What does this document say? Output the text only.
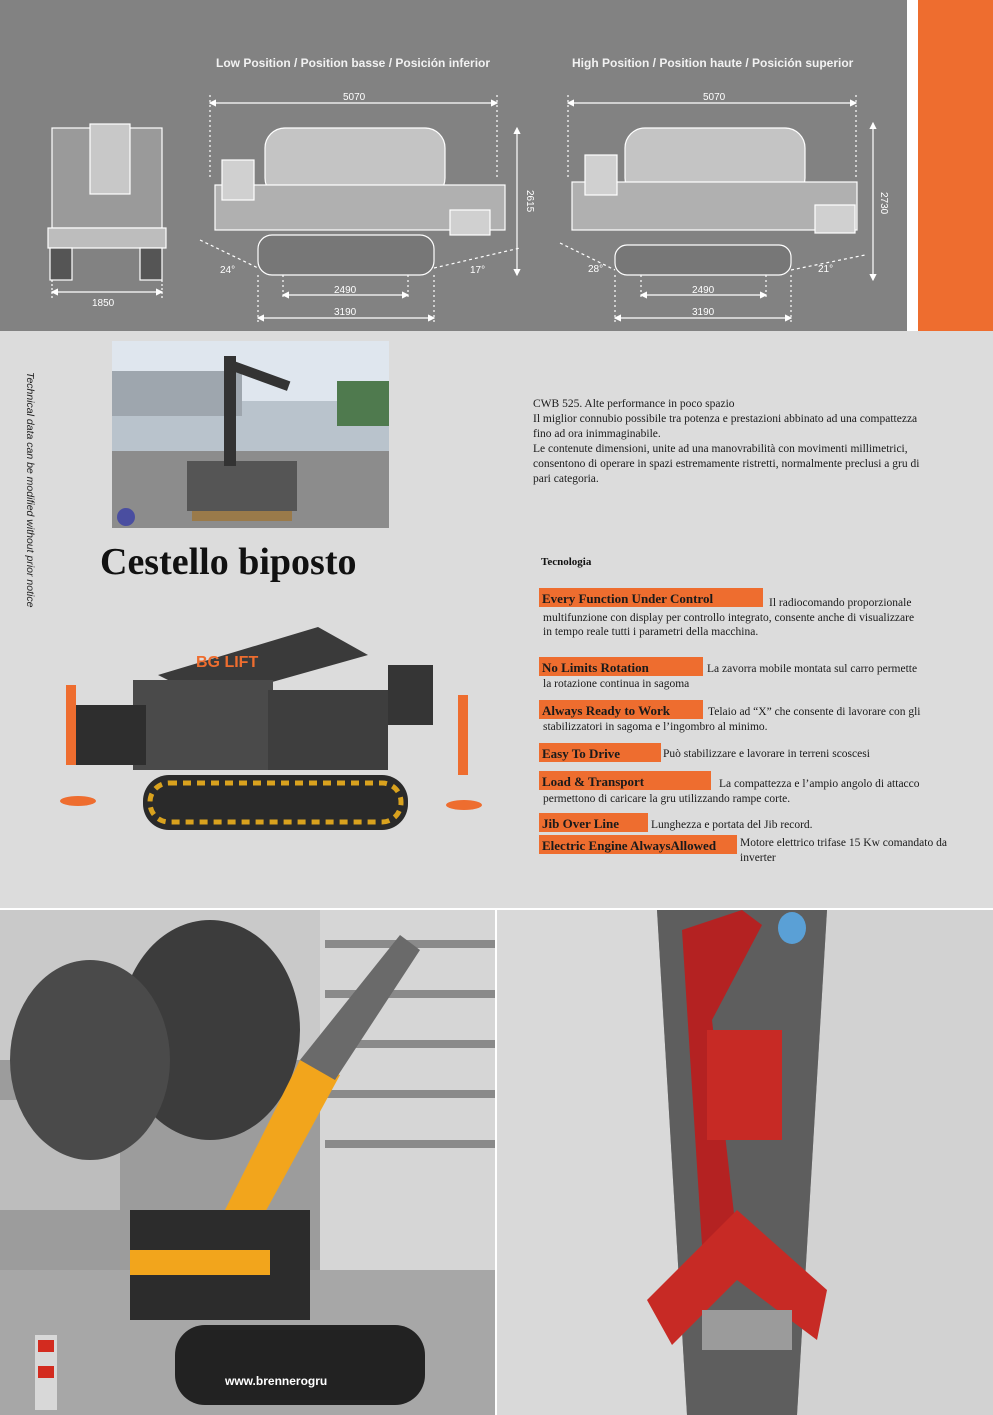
Low Position / Position basse / Posición inferior	High Position / Position haute / Posición superior
1850
5070
2615
24°	17°
2490
3190
5070
2730
28°	21°
2490
3190
Technical data can be modified without prior notice Cestello biposto
BG LIFT
CWB 525. Alte performance in poco spazio
Il miglior connubio possibile tra potenza e prestazioni abbinato ad una compattezza fino ad ora inimmaginabile.
Le contenute dimensioni, unite ad una manovrabilità con movimenti millimetrici, consentono di operare in spazi estremamente ristretti, normalmente preclusi a gru di pari categoria.
Tecnologia
Every Function Under Control	Il radiocomando proporzionale multifunzione con display per controllo integrato, consente anche di visualizzare in tempo reale tutti i parametri della macchina.
No Limits Rotation	La zavorra mobile montata sul carro permette la rotazione continua in sagoma
Always Ready to Work	Telaio ad “X” che consente di lavorare con gli stabilizzatori in sagoma e l’ingombro al minimo.
Easy To Drive	Può stabilizzare e lavorare in terreni scoscesi
Load & Transport	La compattezza e l’ampio angolo di attacco permettono di caricare la gru utilizzando rampe corte.
Jib Over Line	Lunghezza e portata del Jib record.
Electric Engine AlwaysAllowed	Motore elettrico trifase 15 Kw comandato da inverter
www.brennerogru
